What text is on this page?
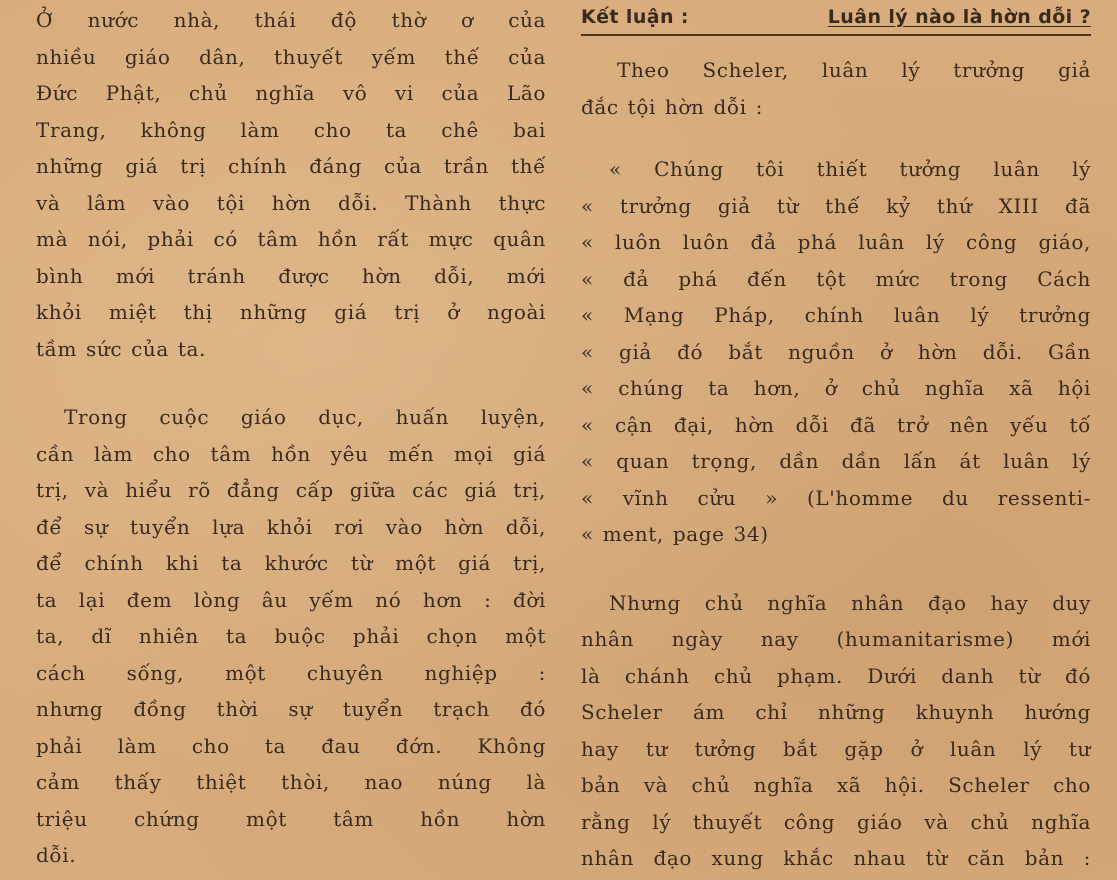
Ở nước nhà, thái độ thờ ơ của
nhiều giáo dân, thuyết yếm thế của
Đức Phật, chủ nghĩa vô vi của Lão
Trang, không làm cho ta chê bai
những giá trị chính đáng của trần thế
và lâm vào tội hờn dỗi. Thành thực
mà nói, phải có tâm hồn rất mực quân
bình mới tránh được hờn dỗi, mới
khỏi miệt thị những giá trị ở ngoài
tầm sức của ta.
Trong cuộc giáo dục, huấn luyện,
cần làm cho tâm hồn yêu mến mọi giá
trị, và hiểu rõ đẳng cấp giữa các giá trị,
để sự tuyển lựa khỏi rơi vào hờn dỗi,
để chính khi ta khước từ một giá trị,
ta lại đem lòng âu yếm nó hơn : đời
ta, dĩ nhiên ta buộc phải chọn một
cách sống, một chuyên nghiệp :
nhưng đồng thời sự tuyển trạch đó
phải làm cho ta đau đớn. Không
cảm thấy thiệt thòi, nao núng là
triệu chứng một tâm hồn hờn
dỗi.
Kết luận :	Luân lý nào là hờn dỗi ?
Theo Scheler, luân lý trưởng giả
đắc tội hờn dỗi :
« Chúng tôi thiết tưởng luân lý
« trưởng giả từ thế kỷ thứ XIII đã
« luôn luôn đả phá luân lý công giáo,
« đả phá đến tột mức trong Cách
« Mạng Pháp, chính luân lý trưởng
« giả đó bắt nguồn ở hờn dỗi. Gần
« chúng ta hơn, ở chủ nghĩa xã hội
« cận đại, hờn dỗi đã trở nên yếu tố
« quan trọng, dần dần lấn át luân lý
« vĩnh cửu » (L'homme du ressenti-
« ment, page 34)
Nhưng chủ nghĩa nhân đạo hay duy
nhân ngày nay (humanitarisme) mới
là chánh chủ phạm. Dưới danh từ đó
Scheler ám chỉ những khuynh hướng
hay tư tưởng bắt gặp ở luân lý tư
bản và chủ nghĩa xã hội. Scheler cho
rằng lý thuyết công giáo và chủ nghĩa
nhân đạo xung khắc nhau từ căn bản :
